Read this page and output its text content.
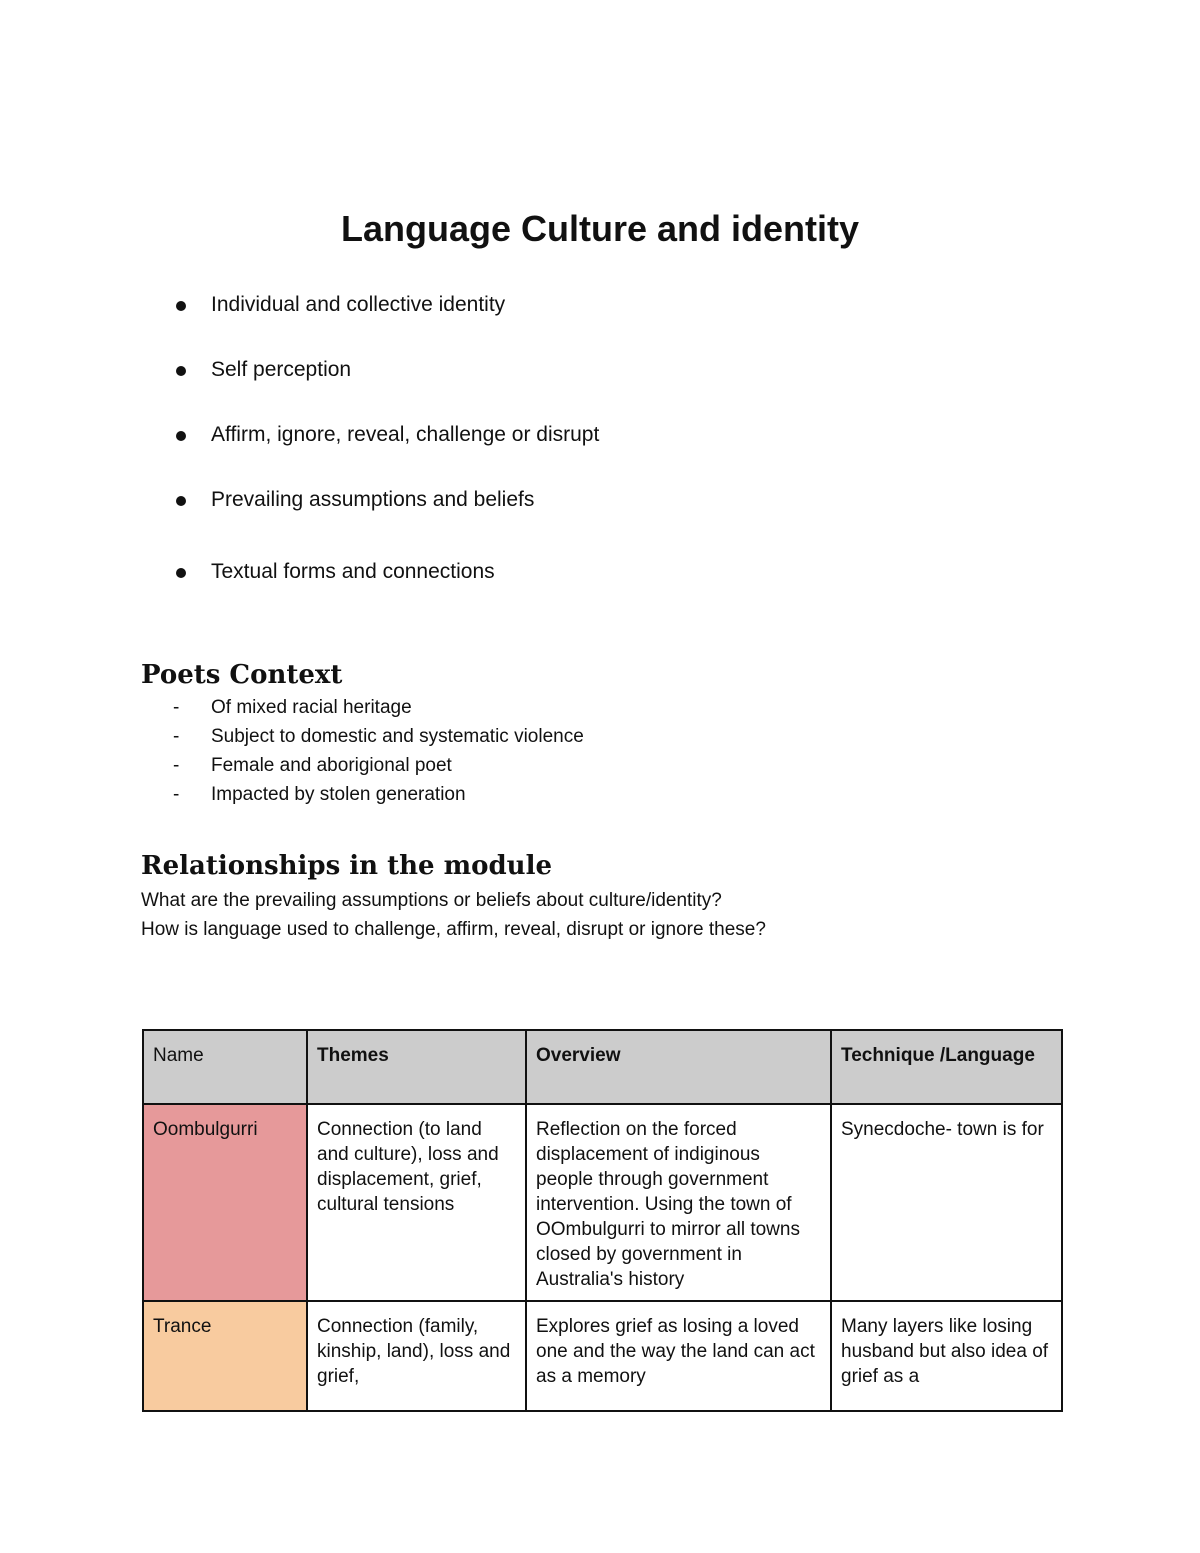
Language Culture and identity
Individual and collective identity
Self perception
Affirm, ignore, reveal, challenge or disrupt
Prevailing assumptions and beliefs
Textual forms and connections
Poets Context
- Of mixed racial heritage
- Subject to domestic and systematic violence
- Female and aborigional poet
- Impacted by stolen generation
Relationships in the module

What are the prevailing assumptions or beliefs about culture/identity?

How is language used to challenge, affirm, reveal, disrupt or ignore these?

Name	Themes	Overview	Technique /Language
Oombulgurri	Connection (to land and culture), loss and displacement, grief, cultural tensions	Reflection on the forced displacement of indiginous people through government intervention. Using the town of OOmbulgurri to mirror all towns closed by government in Australia's history	Synecdoche- town is for
Trance	Connection (family, kinship, land), loss and grief,	Explores grief as losing a loved one and the way the land can act as a memory	Many layers like losing husband but also idea of grief as a
